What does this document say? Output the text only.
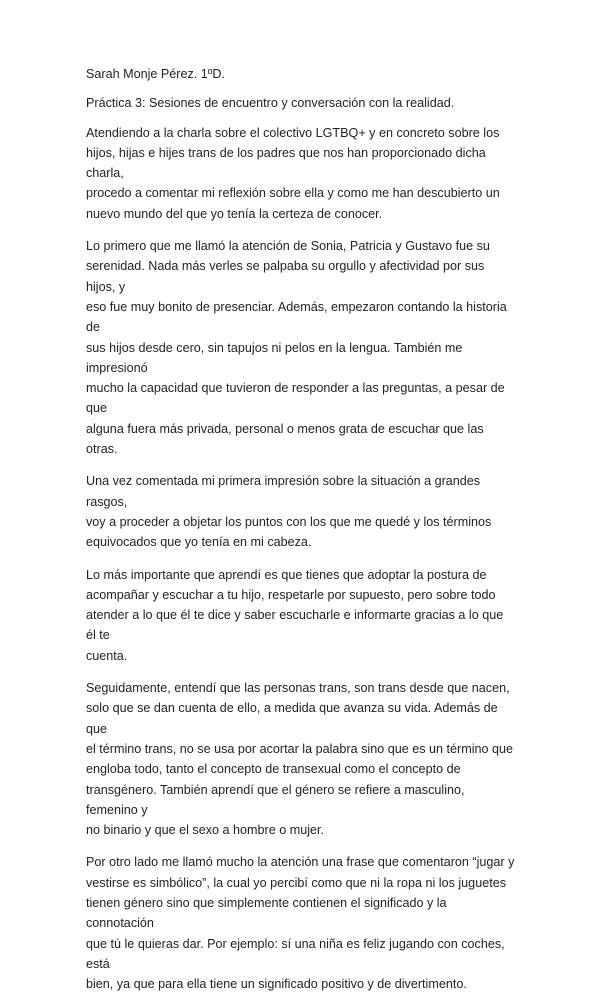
Sarah Monje Pérez. 1ºD.

Práctica 3: Sesiones de encuentro y conversación con la realidad.

Atendiendo a la charla sobre el colectivo LGTBQ+ y en concreto sobre los
hijos, hijas e hijes trans de los padres que nos han proporcionado dicha charla,
procedo a comentar mi reflexión sobre ella y como me han descubierto un
nuevo mundo del que yo tenía la certeza de conocer.

Lo primero que me llamó la atención de Sonia, Patricia y Gustavo fue su
serenidad. Nada más verles se palpaba su orgullo y afectividad por sus hijos, y
eso fue muy bonito de presenciar. Además, empezaron contando la historia de
sus hijos desde cero, sin tapujos ni pelos en la lengua. También me impresionó
mucho la capacidad que tuvieron de responder a las preguntas, a pesar de que
alguna fuera más privada, personal o menos grata de escuchar que las otras.

Una vez comentada mi primera impresión sobre la situación a grandes rasgos,
voy a proceder a objetar los puntos con los que me quedé y los términos
equivocados que yo tenía en mi cabeza.

Lo más importante que aprendí es que tienes que adoptar la postura de
acompañar y escuchar a tu hijo, respetarle por supuesto, pero sobre todo
atender a lo que él te dice y saber escucharle e informarte gracias a lo que él te
cuenta.

Seguidamente, entendí que las personas trans, son trans desde que nacen,
solo que se dan cuenta de ello, a medida que avanza su vida. Además de que
el término trans, no se usa por acortar la palabra sino que es un término que
engloba todo, tanto el concepto de transexual como el concepto de
transgénero. También aprendí que el género se refiere a masculino, femenino y
no binario y que el sexo a hombre o mujer.

Por otro lado me llamó mucho la atención una frase que comentaron “jugar y
vestirse es simbólico”, la cual yo percibí como que ni la ropa ni los juguetes
tienen género sino que simplemente contienen el significado y la connotación
que tú le quieras dar. Por ejemplo: sí una niña es feliz jugando con coches, está
bien, ya que para ella tiene un significado positivo y de divertimento.
